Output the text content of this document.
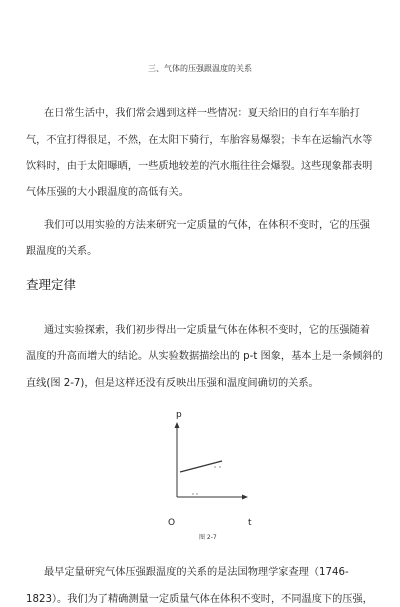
三、气体的压强跟温度的关系
在日常生活中，我们常会遇到这样一些情况：夏天给旧的自行车车胎打
气，不宜打得很足，不然，在太阳下骑行，车胎容易爆裂；卡车在运输汽水等
饮料时，由于太阳曝晒，一些质地较差的汽水瓶往往会爆裂。这些现象都表明
气体压强的大小跟温度的高低有关。
我们可以用实验的方法来研究一定质量的气体，在体积不变时，它的压强
跟温度的关系。
查理定律
通过实验探索，我们初步得出一定质量气体在体积不变时，它的压强随着
温度的升高而增大的结论。从实验数据描绘出的 p-t 图象，基本上是一条倾斜的
直线(图 2-7)，但是这样还没有反映出压强和温度间确切的关系。
p
O	t
图 2-7
最早定量研究气体压强跟温度的关系的是法国物理学家查理（1746-
1823）。我们为了精确测量一定质量气体在体积不变时，不同温度下的压强，
